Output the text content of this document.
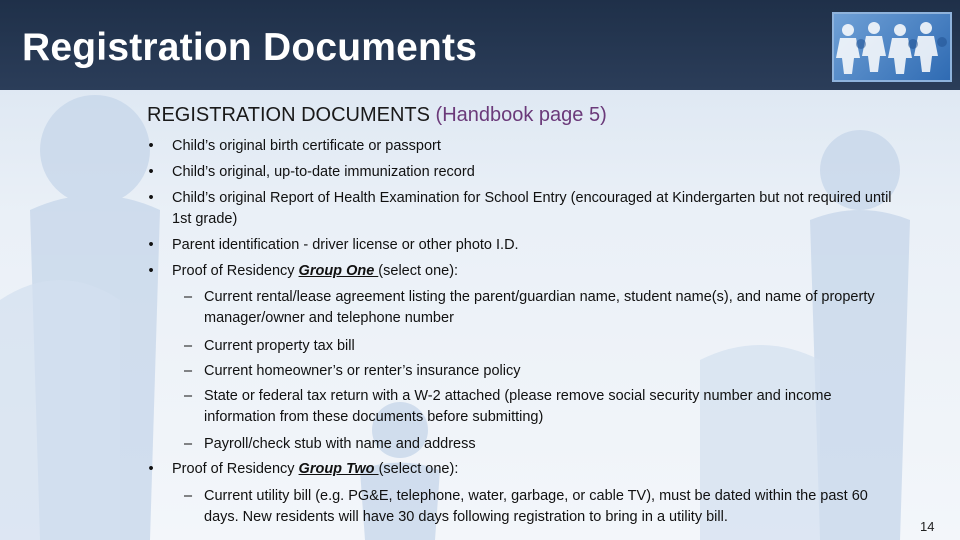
Registration Documents
REGISTRATION DOCUMENTS (Handbook page 5)
• Child’s original birth certificate or passport
• Child’s original, up-to-date immunization record
• Child’s original Report of Health Examination for School Entry (encouraged at Kindergarten but not required until 1st grade)
• Parent identification - driver license or other photo I.D.
• Proof of Residency Group One (select one):
– Current rental/lease agreement listing the parent/guardian name, student name(s), and name of property manager/owner and telephone number
– Current property tax bill
– Current homeowner’s or renter’s insurance policy
– State or federal tax return with a W-2 attached (please remove social security number and income information from these documents before submitting)
– Payroll/check stub with name and address
• Proof of Residency Group Two (select one):
– Current utility bill (e.g. PG&E, telephone, water, garbage, or cable TV), must be dated within the past 60 days. New residents will have 30 days following registration to bring in a utility bill.
14
